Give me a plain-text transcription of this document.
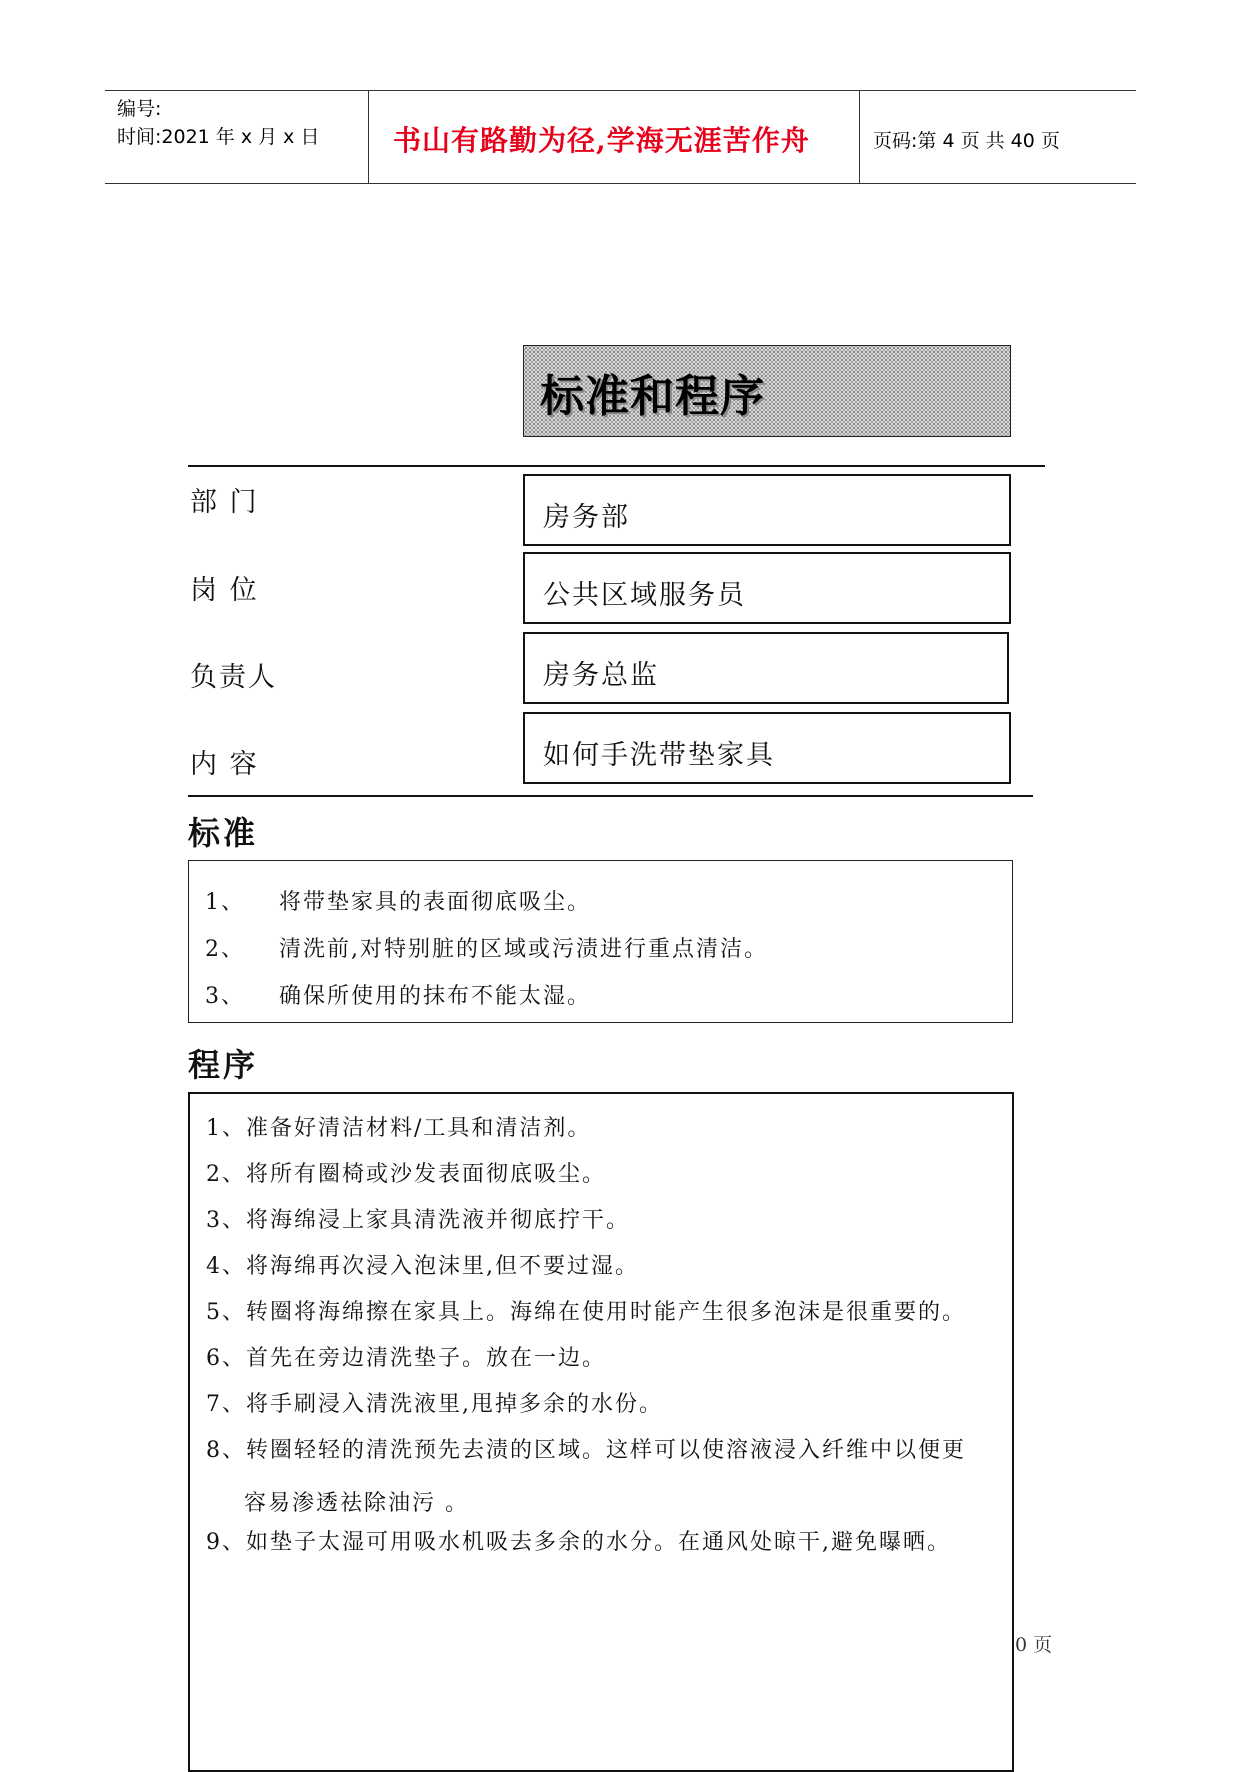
编号:
时间:2021 年 x 月 x 日	书山有路勤为径,学海无涯苦作舟	页码:第 4 页 共 40 页
标准和程序
部 门	房务部
岗 位	公共区域服务员
负责人	房务总监
内 容	如何手洗带垫家具
标准
1、 将带垫家具的表面彻底吸尘。
2、 清洗前,对特别脏的区域或污渍进行重点清洁。
3、 确保所使用的抹布不能太湿。
程序
1、准备好清洁材料/工具和清洁剂。
2、将所有圈椅或沙发表面彻底吸尘。
3、将海绵浸上家具清洗液并彻底拧干。
4、将海绵再次浸入泡沫里,但不要过湿。
5、转圈将海绵擦在家具上。海绵在使用时能产生很多泡沫是很重要的。
6、首先在旁边清洗垫子。放在一边。
7、将手刷浸入清洗液里,甩掉多余的水份。
8、转圈轻轻的清洗预先去渍的区域。这样可以使溶液浸入纤维中以便更
容易渗透祛除油污 。
9、如垫子太湿可用吸水机吸去多余的水分。在通风处晾干,避免曝晒。
0 页
